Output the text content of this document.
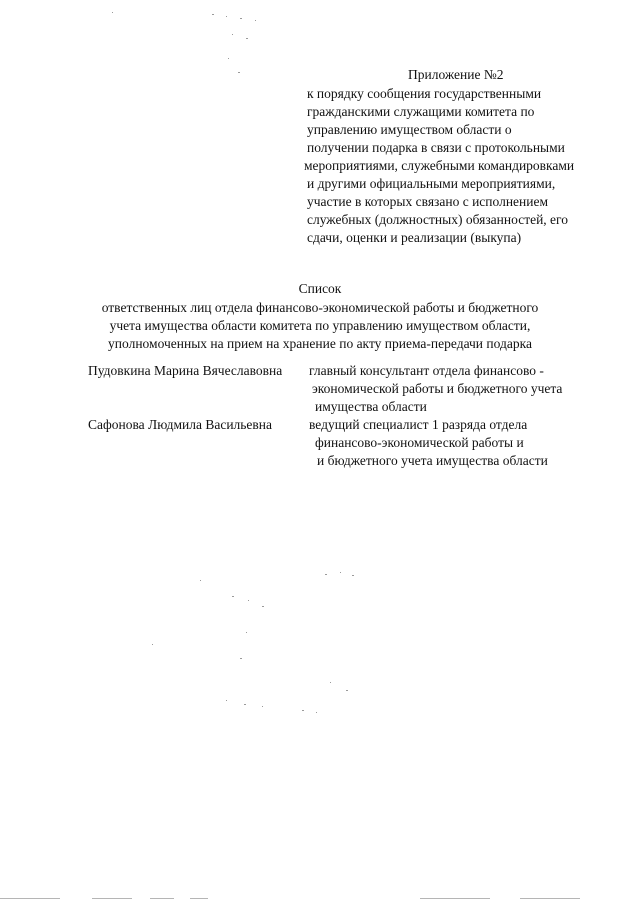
Приложение №2
к порядку сообщения государственными
гражданскими служащими комитета по
управлению имуществом области о
получении подарка в связи с протокольными
мероприятиями, служебными командировками
и другими официальными мероприятиями,
участие в которых связано с исполнением
служебных (должностных) обязанностей, его
сдачи, оценки и реализации (выкупа)
Список
ответственных лиц отдела финансово-экономической работы и бюджетного
учета имущества области комитета по управлению имуществом области,
уполномоченных на прием на хранение по акту приема-передачи подарка
Пудовкина Марина Вячеславовна главный консультант отдела финансово -
экономической работы и бюджетного учета
имущества области
Сафонова Людмила Васильевна	ведущий специалист 1 разряда отдела
финансово-экономической работы и
и бюджетного учета имущества области
